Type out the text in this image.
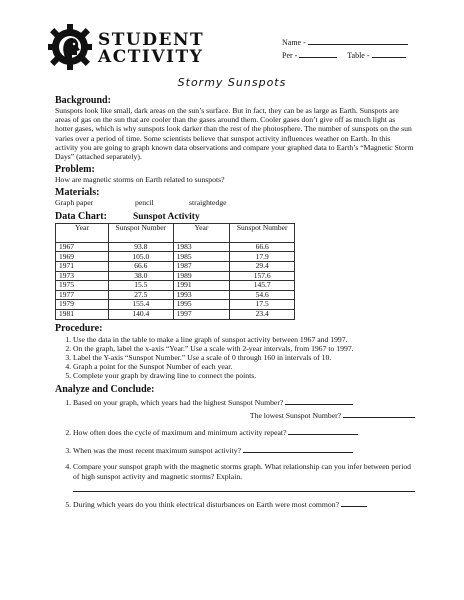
STUDENT
ACTIVITY
Name -
Per -	Table -
Stormy Sunspots
Background:

Sunspots look like small, dark areas on the sun’s surface. But in fact, they can be as large as Earth. Sunspots are areas of gas on the sun that are cooler than the gases around them. Cooler gases don’t give off as much light as hotter gases, which is why sunspots look darker than the rest of the photosphere. The number of sunspots on the sun varies over a period of time. Some scientists believe that sunspot activity influences weather on Earth. In this activity you are going to graph known data observations and compare your graphed data to Earth’s “Magnetic Storm Days” (attached separately).

Problem:

How are magnetic storms on Earth related to sunspots?

Materials:
Graph paper	pencil	straightedge
Data Chart:	Sunspot Activity
Year	Sunspot Number	Year	Sunspot Number
1967	93.8	1983	66.6
1969	105.0	1985	17.9
1971	66.6	1987	29.4
1973	38.0	1989	157.6
1975	15.5	1991	145.7
1977	27.5	1993	54.6
1979	155.4	1995	17.5
1981	140.4	1997	23.4
Procedure:
1. Use the data in the table to make a line graph of sunspot activity between 1967 and 1997.
2. On the graph, label the x-axis “Year.” Use a scale with 2-year intervals, from 1967 to 1997.
3. Label the Y-axis “Sunspot Number.” Use a scale of 0 through 160 in intervals of 10.
4. Graph a point for the Sunspot Number of each year.
5. Complete your graph by drawing line to connect the points.
Analyze and Conclude:
1. Based on your graph, which years had the highest Sunspot Number?
The lowest Sunspot Number?
2. How often does the cycle of maximum and minimum activity repeat?
3. When was the most recent maximum sunspot activity?
4. Compare your sunspot graph with the magnetic storms graph. What relationship can you infer between period of high sunspot activity and magnetic storms? Explain.
5. During which years do you think electrical disturbances on Earth were most common?
